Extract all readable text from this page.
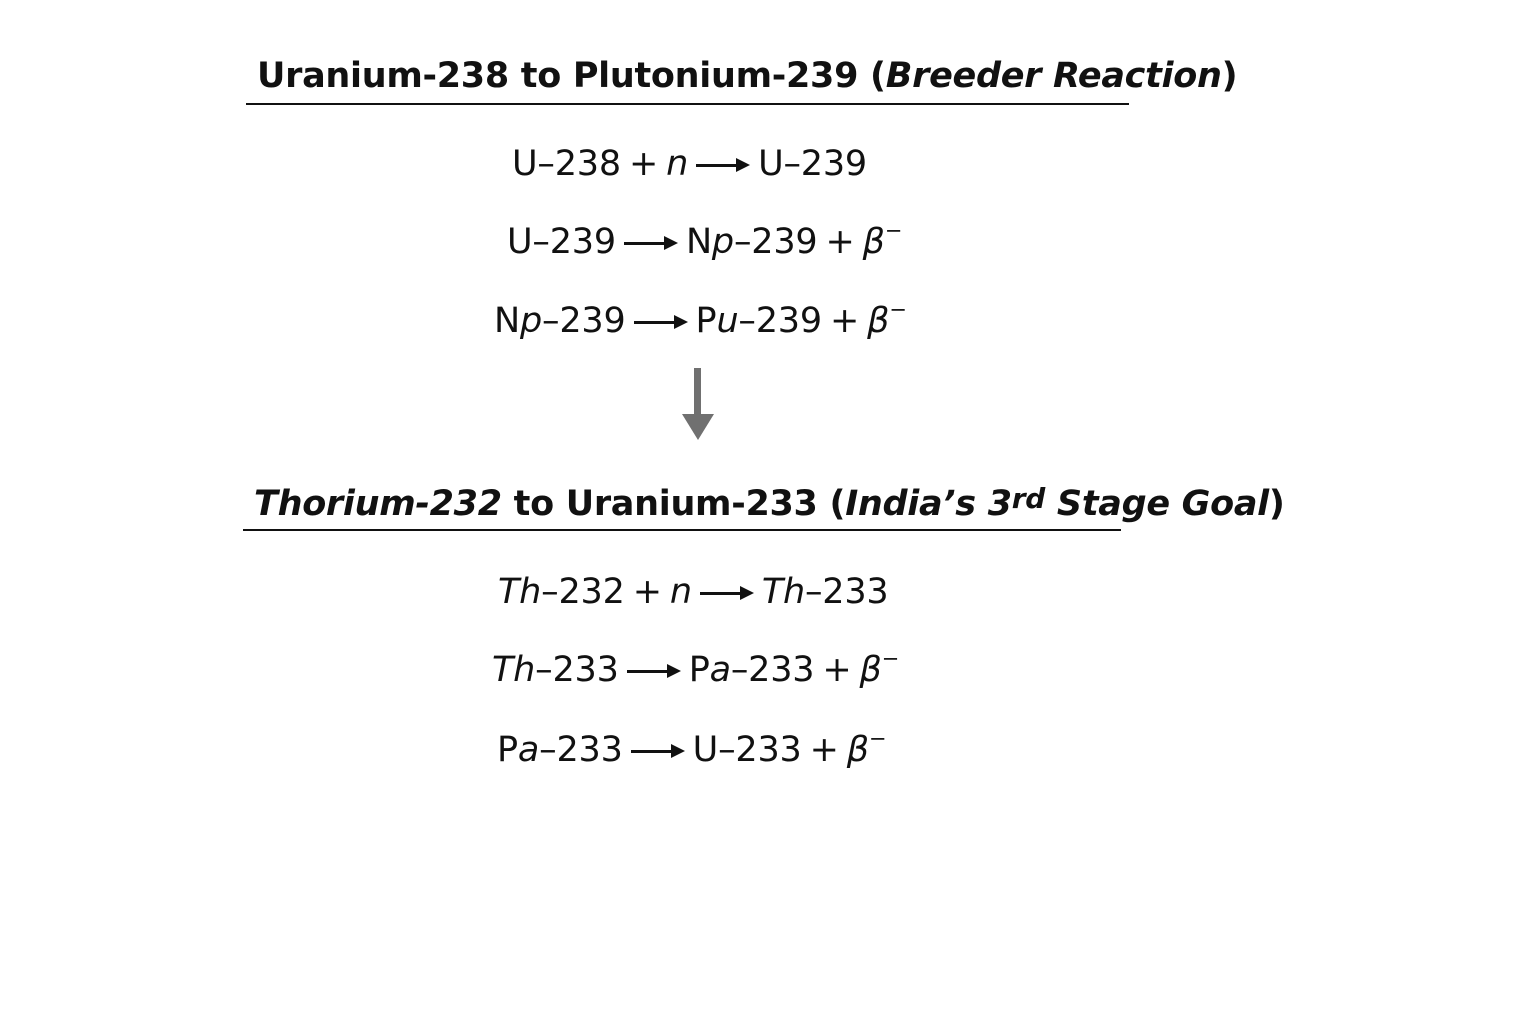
Uranium-238 to Plutonium-239 (Breeder Reaction)
U–238 + n U–239
U–239 Np–239 + β−
Np–239 Pu–239 + β−
Thorium-232 to Uranium-233 (India’s 3rd Stage Goal)
Th–232 + n Th–233
Th–233 Pa–233 + β−
Pa–233 U–233 + β−
